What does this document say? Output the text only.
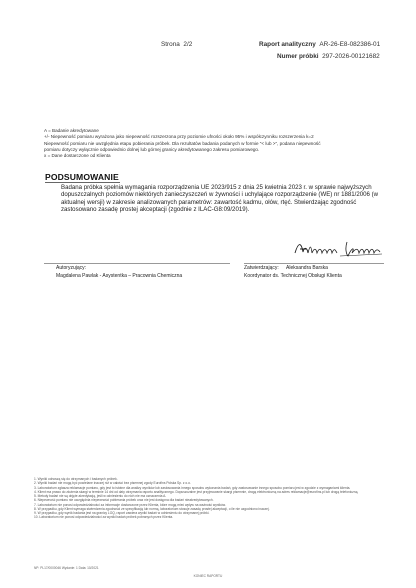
Strona 2/2	Raport analityczny AR-26-E8-082386-01
Numer próbki 297-2026-00121682
A = Badanie akredytowane
+/- Niepewność pomiaru wyrażona jako niepewność rozszerzona przy poziomie ufności około 95% i współczynniku rozszerzenia k=2
Niepewność pomiaru nie uwzględnia etapu pobierania próbek. Dla rezultatów badania podanych w formie "< lub >", podana niepewność
pomiaru dotyczy wyłącznie odpowiednio dolnej lub górnej granicy akredytowanego zakresu pomiarowego.
x = Dane dostarczone od Klienta
PODSUMOWANIE
Badana próbka spełnia wymagania rozporządzenia UE 2023/915 z dnia 25 kwietnia 2023 r. w sprawie najwyższych dopuszczalnych poziomów niektórych zanieczyszczeń w żywności i uchylające rozporządzenie (WE) nr 1881/2006 (w aktualnej wersji) w zakresie analizowanych parametrów: zawartość kadmu, ołów, rtęć. Stwierdzając zgodność zastosowano zasadę prostej akceptacji (zgodnie z ILAC-G8:09/2019).
Autoryzujący:
Magdalena Pawlak - Asystentka – Pracownia Chemiczna
Zatwierdzający: Aleksandra Barska
Koordynator ds. Technicznej Obsługi Klienta
1. Wyniki odnoszą się do otrzymanych i badanych próbek.
2. Wyniki badań nie mogą być powielane inaczej niż w całości bez pisemnej zgody Eurofins Polska Sp. z o.o.
3. Laboratorium zgłasza reklamacje pomiaru, gdy jest to istotne dla analizy wyników lub zastosowania innego sposobu wykonania badań, gdy zastosowanie innego sposobu pomiaru jest w zgodzie z wymaganiami klienta.
4. Klient ma prawo do złożenia skargi w terminie 14 dni od daty otrzymania raportu analitycznego. Dopuszczalne jest przyjmowanie skargi pisemnie, drogą elektroniczną na adres reklamacje@eurofins.pl lub drogą telefoniczną.
5. Metody badań nie są objęte akredytacją, jeśli w odniesieniu do nich nie ma oznaczenia A.
6. Niepewność pomiaru nie uwzględnia niepewności pobierania próbek oraz nie jest dostępna dla badań nieakredytowanych.
7. Laboratorium nie ponosi odpowiedzialności za informacje dostarczone przez Klienta, które mogą mieć wpływ na ważność wyników.
8. W przypadku, gdy Klient wymaga stwierdzenia zgodności ze specyfikacją lub normą, laboratorium stosuje zasadę prostej akceptacji, o ile nie uzgodniono inaczej.
9. W przypadku, gdy wynik badania jest na granicy LOQ, raport zawiera wyniki badań w odniesieniu do otrzymanej próbki.
10. Laboratorium nie ponosi odpowiedzialności za wyniki badań próbek pobranych przez Klienta.
NP: PL17/0000046 Wydanie: 1 Data: 10/2021
KONIEC RAPORTU
